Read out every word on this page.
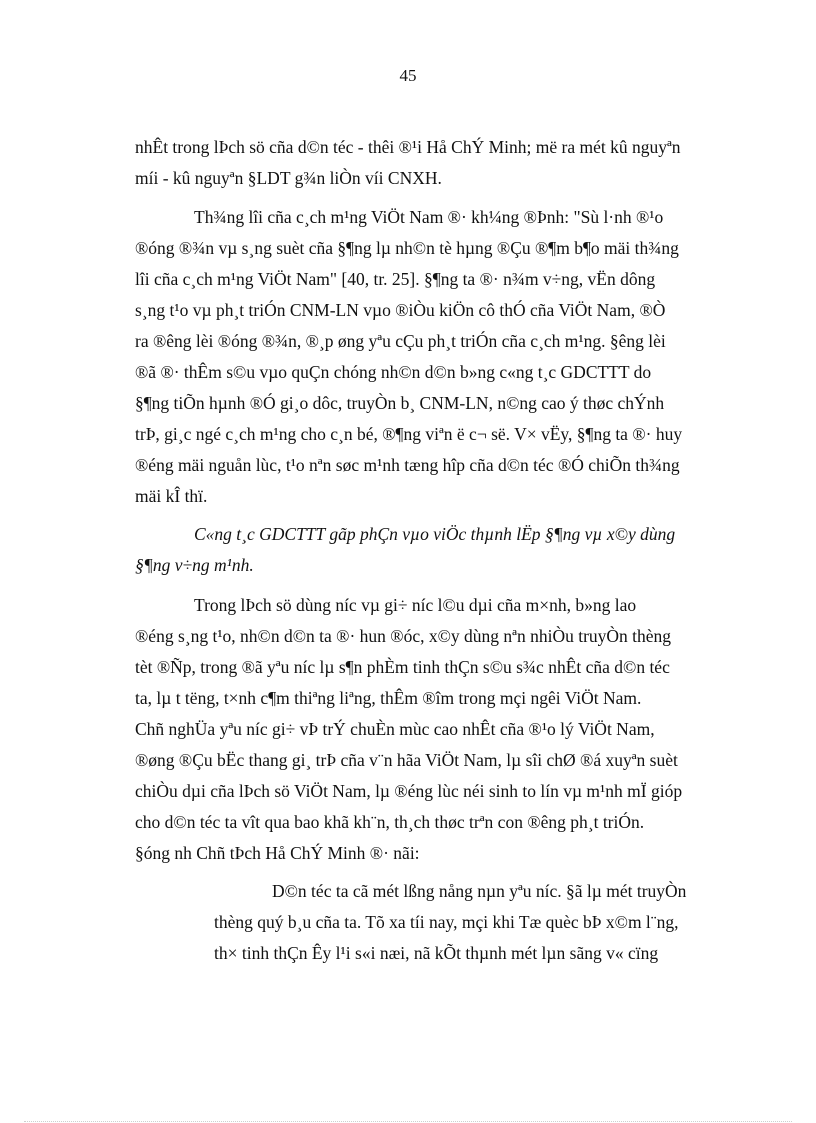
45
nhÊt trong lÞch sö cña d©n téc - thêi ®¹i Hå ChÝ Minh; më ra mét kû nguyªn
míi - kû nguyªn §LDT g¾n liÒn víi CNXH.
Th¾ng lîi cña c¸ch m¹ng ViÖt Nam ®· kh¼ng ®Þnh: "Sù l·nh ®¹o
®óng ®¾n vµ s¸ng suèt cña §¶ng lµ nh©n tè hµng ®Çu ®¶m b¶o mäi th¾ng
lîi cña c¸ch m¹ng ViÖt Nam" [40, tr. 25]. §¶ng ta ®· n¾m v÷ng, vËn dông
s¸ng t¹o vµ ph¸t triÓn CNM-LN vµo ®iÒu kiÖn cô thÓ cña ViÖt Nam, ®Ò
ra ®êng lèi ®óng ®¾n, ®¸p øng yªu cÇu ph¸t triÓn cña c¸ch m¹ng. §êng lèi
®ã ®· thÊm s©u vµo quÇn chóng nh©n d©n b»ng c«ng t¸c GDCTTT do
§¶ng tiÕn hµnh ®Ó gi¸o dôc, truyÒn b¸ CNM-LN, n©ng cao ý thøc chÝnh
trÞ, gi¸c ngé c¸ch m¹ng cho c¸n bé, ®¶ng viªn ë c¬ së. V× vËy, §¶ng ta ®· huy
®éng mäi nguån lùc, t¹o nªn søc m¹nh tæng hîp cña d©n téc ®Ó chiÕn th¾ng
mäi kÎ thï.
C«ng t¸c GDCTTT gãp phÇn vµo viÖc thµnh lËp §¶ng vµ x©y dùng
§¶ng v÷ng m¹nh.
Trong lÞch sö dùng níc vµ gi÷ níc l©u dµi cña m×nh, b»ng lao
®éng s¸ng t¹o, nh©n d©n ta ®· hun ®óc, x©y dùng nªn nhiÒu truyÒn thèng
tèt ®Ñp, trong ®ã yªu níc lµ s¶n phÈm tinh thÇn s©u s¾c nhÊt cña d©n téc
ta, lµ t tëng, t×nh c¶m thiªng liªng, thÊm ®îm trong mçi ngêi ViÖt Nam.
Chñ nghÜa yªu níc gi÷ vÞ trÝ chuÈn mùc cao nhÊt cña ®¹o lý ViÖt Nam,
®øng ®Çu bËc thang gi¸ trÞ cña v¨n hãa ViÖt Nam, lµ sîi chØ ®á xuyªn suèt
chiÒu dµi cña lÞch sö ViÖt Nam, lµ ®éng lùc néi sinh to lín vµ m¹nh mÏ gióp
cho d©n téc ta vît qua bao khã kh¨n, th¸ch thøc trªn con ®êng ph¸t triÓn.
§óng nh Chñ tÞch Hå ChÝ Minh ®· nãi:
D©n téc ta cã mét lßng nång nµn yªu níc. §ã lµ mét truyÒn
thèng quý b¸u cña ta. Tõ xa tíi nay, mçi khi Tæ quèc bÞ x©m l¨ng,
th× tinh thÇn Êy l¹i s«i næi, nã kÕt thµnh mét lµn sãng v« cïng
